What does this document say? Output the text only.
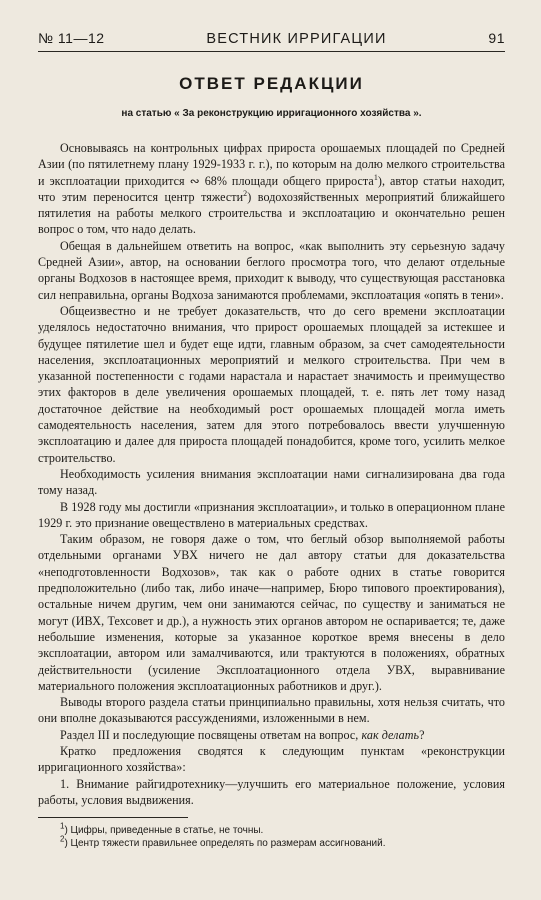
№ 11—12	ВЕСТНИК ИРРИГАЦИИ	91
ОТВЕТ РЕДАКЦИИ
на статью « За реконструкцию ирригационного хозяйства ».

Основываясь на контрольных цифрах прироста орошаемых площадей по Средней Азии (по пятилетнему плану 1929-1933 г. г.), по которым на долю мелкого строительства и эксплоатации приходится ∾ 68% площади общего прироста$^1$), автор статьи находит, что этим переносится центр тяжести$^2$) водохозяйственных мероприятий ближайшего пятилетия на работы мелкого строительства и эксплоатацию и окончательно решен вопрос о том, что надо делать.

Обещая в дальнейшем ответить на вопрос, «как выполнить эту серьезную задачу Средней Азии», автор, на основании беглого просмотра того, что делают отдельные органы Водхозов в настоящее время, приходит к выводу, что существующая расстановка сил неправильна, органы Водхоза занимаются проблемами, эксплоатация «опять в тени».

Общеизвестно и не требует доказательств, что до сего времени эксплоатации уделялось недостаточно внимания, что прирост орошаемых площадей за истекшее и будущее пятилетие шел и будет еще идти, главным образом, за счет самодеятельности населения, эксплоатационных мероприятий и мелкого строительства. При чем в указанной постепенности с годами нарастала и нарастает значимость и преимущество этих факторов в деле увеличения орошаемых площадей, т. е. пять лет тому назад достаточное действие на необходимый рост орошаемых площадей могла иметь самодеятельность населения, затем для этого потребовалось ввести улучшенную эксплоатацию и далее для прироста площадей понадобится, кроме того, усилить мелкое строительство.

Необходимость усиления внимания эксплоатации нами сигнализирована два года тому назад.

В 1928 году мы достигли «признания эксплоатации», и только в операционном плане 1929 г. это признание овеществлено в материальных средствах.

Таким образом, не говоря даже о том, что беглый обзор выполняемой работы отдельными органами УВХ ничего не дал автору статьи для доказательства «неподготовленности Водхозов», так как о работе одних в статье говорится предположительно (либо так, либо иначе—например, Бюро типового проектирования), остальные ничем другим, чем они занимаются сейчас, по существу и заниматься не могут (ИВХ, Техсовет и др.), а нужность этих органов автором не оспаривается; те, даже небольшие изменения, которые за указанное короткое время внесены в дело эксплоатации, автором или замалчиваются, или трактуются в положениях, обратных действительности (усиление Эксплоатационного отдела УВХ, выравнивание материального положения эксплоатационных работников и друг.).

Выводы второго раздела статьи принципиально правильны, хотя нельзя считать, что они вполне доказываются рассуждениями, изложенными в нем.

Раздел III и последующие посвящены ответам на вопрос, как делать?

Кратко предложения сводятся к следующим пунктам «реконструкции ирригационного хозяйства»:

1. Внимание райгидротехнику—улучшить его материальное положение, условия работы, условия выдвижения.

$^1$) Цифры, приведенные в статье, не точны.

$^2$) Центр тяжести правильнее определять по размерам ассигнований.
